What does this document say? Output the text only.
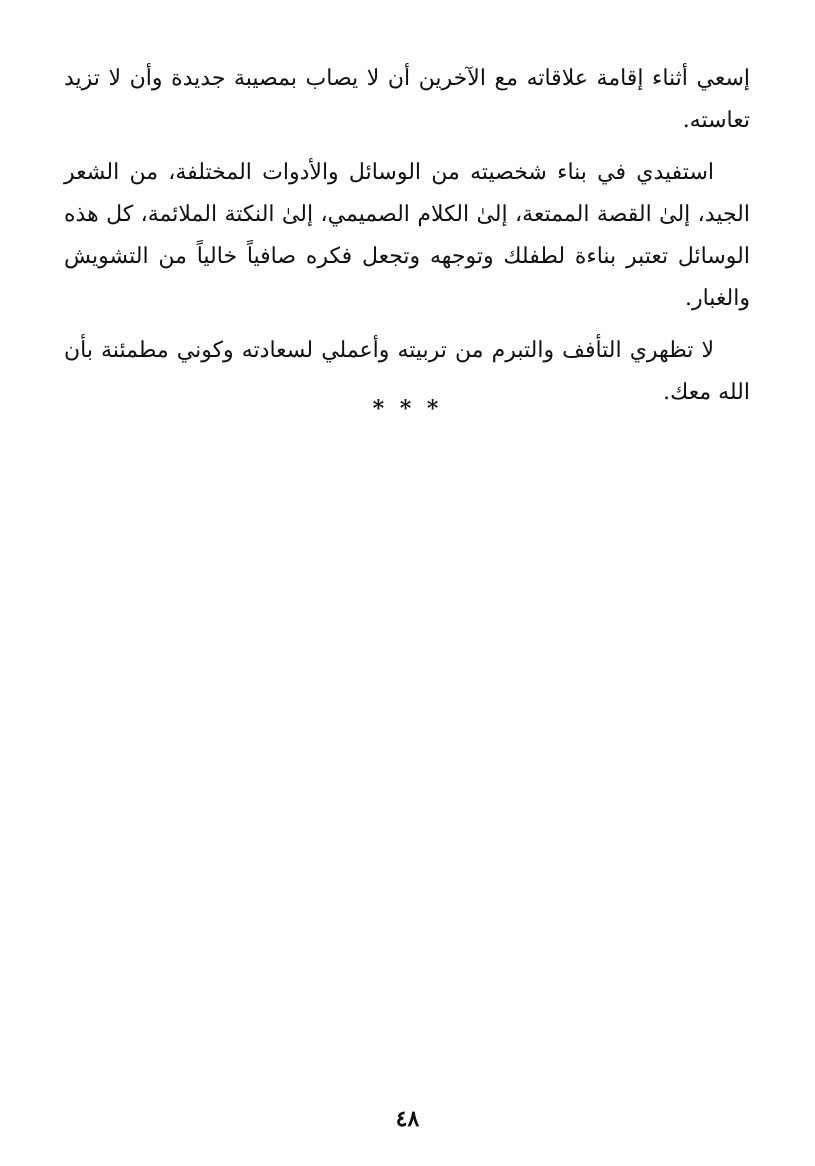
إسعي أثناء إقامة علاقاته مع الآخرين أن لا يصاب بمصيبة جديدة وأن لا تزيد تعاسته.

استفيدي في بناء شخصيته من الوسائل والأدوات المختلفة، من الشعر الجيد، إلىٰ القصة الممتعة، إلىٰ الكلام الصميمي، إلىٰ النكتة الملائمة، كل هذه الوسائل تعتبر بناءة لطفلك وتوجهه وتجعل فكره صافياً خالياً من التشويش والغبار.

لا تظهري التأفف والتبرم من تربيته وأعملي لسعادته وكوني مطمئنة بأن الله معك.

* * *
٤٨
